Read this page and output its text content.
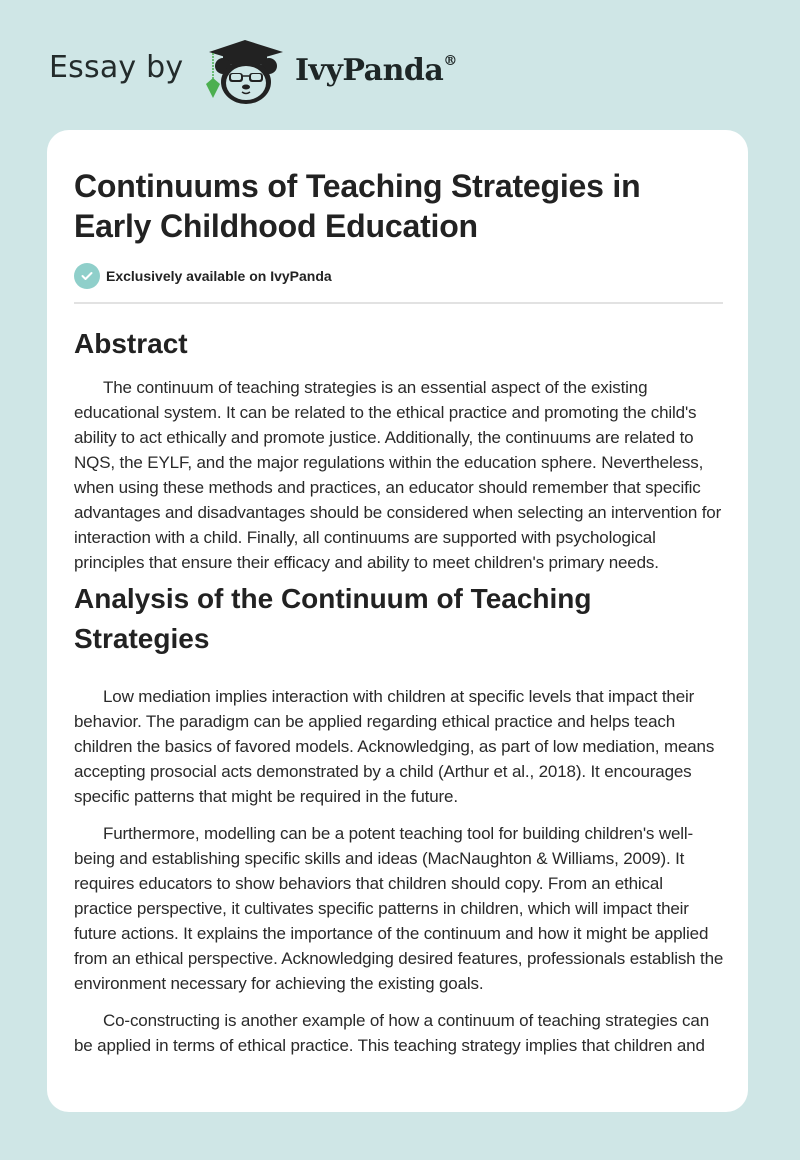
Essay by	IvyPanda®
Continuums of Teaching Strategies in Early Childhood Education
Exclusively available on IvyPanda
Abstract

The continuum of teaching strategies is an essential aspect of the existing educational system. It can be related to the ethical practice and promoting the child's ability to act ethically and promote justice. Additionally, the continuums are related to NQS, the EYLF, and the major regulations within the education sphere. Nevertheless, when using these methods and practices, an educator should remember that specific advantages and disadvantages should be considered when selecting an intervention for interaction with a child. Finally, all continuums are supported with psychological principles that ensure their efficacy and ability to meet children's primary needs.

Analysis of the Continuum of Teaching Strategies

Low mediation implies interaction with children at specific levels that impact their behavior. The paradigm can be applied regarding ethical practice and helps teach children the basics of favored models. Acknowledging, as part of low mediation, means accepting prosocial acts demonstrated by a child (Arthur et al., 2018). It encourages specific patterns that might be required in the future.

Furthermore, modelling can be a potent teaching tool for building children's well-being and establishing specific skills and ideas (MacNaughton & Williams, 2009). It requires educators to show behaviors that children should copy. From an ethical practice perspective, it cultivates specific patterns in children, which will impact their future actions. It explains the importance of the continuum and how it might be applied from an ethical perspective. Acknowledging desired features, professionals establish the environment necessary for achieving the existing goals.

Co-constructing is another example of how a continuum of teaching strategies can be applied in terms of ethical practice. This teaching strategy implies that children and
